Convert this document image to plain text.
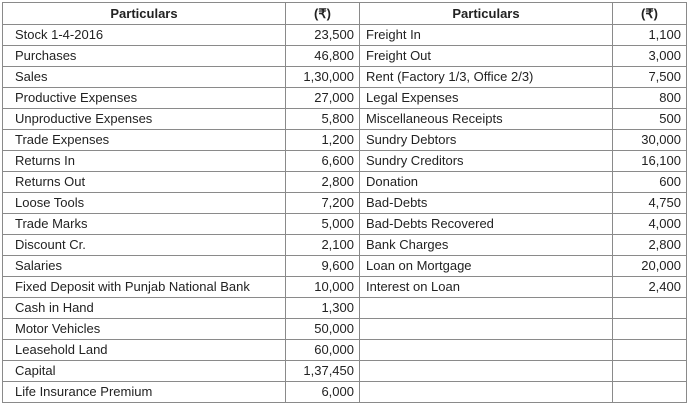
Particulars	(₹)	Particulars	(₹)
Stock 1-4-2016	23,500	Freight In	1,100
Purchases	46,800	Freight Out	3,000
Sales	1,30,000	Rent (Factory 1/3, Office 2/3)	7,500
Productive Expenses	27,000	Legal Expenses	800
Unproductive Expenses	5,800	Miscellaneous Receipts	500
Trade Expenses	1,200	Sundry Debtors	30,000
Returns In	6,600	Sundry Creditors	16,100
Returns Out	2,800	Donation	600
Loose Tools	7,200	Bad-Debts	4,750
Trade Marks	5,000	Bad-Debts Recovered	4,000
Discount Cr.	2,100	Bank Charges	2,800
Salaries	9,600	Loan on Mortgage	20,000
Fixed Deposit with Punjab National Bank	10,000	Interest on Loan	2,400
Cash in Hand	1,300		
Motor Vehicles	50,000		
Leasehold Land	60,000		
Capital	1,37,450		
Life Insurance Premium	6,000		
